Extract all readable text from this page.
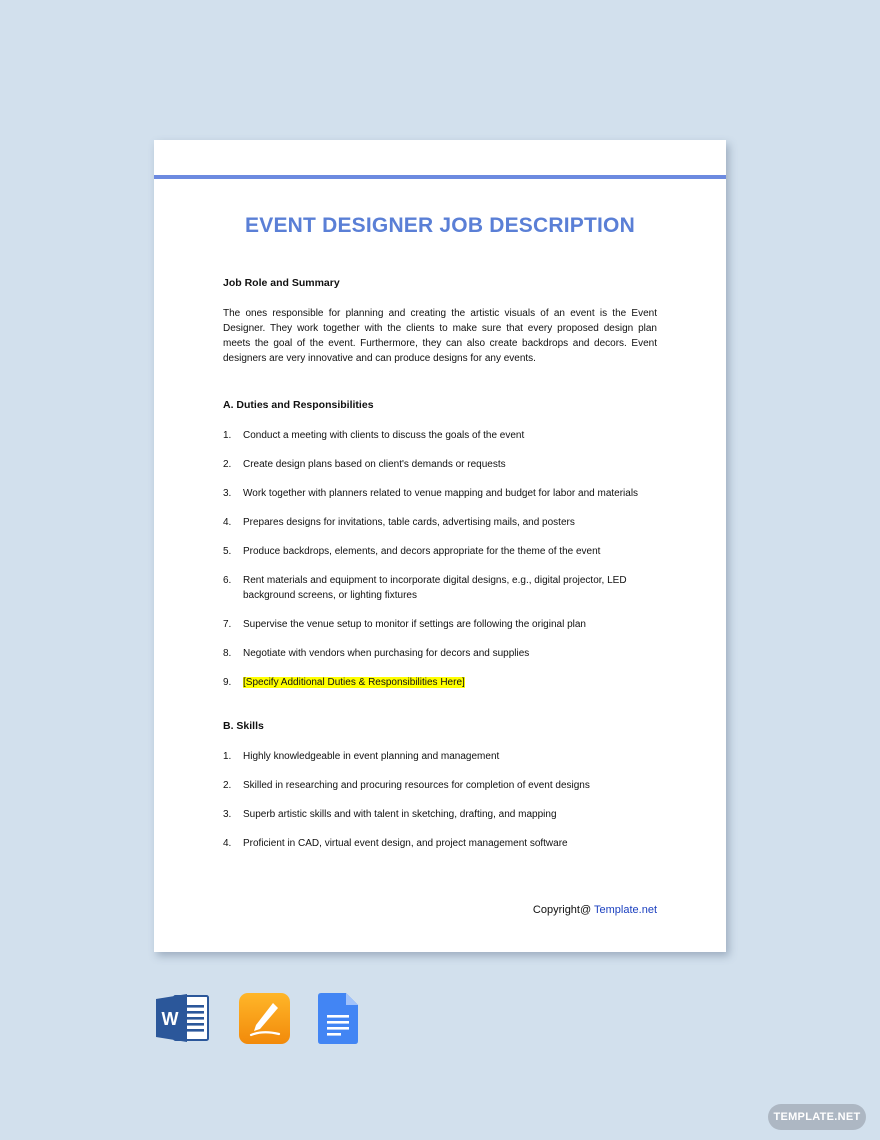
EVENT DESIGNER JOB DESCRIPTION
Job Role and Summary

The ones responsible for planning and creating the artistic visuals of an event is the Event Designer. They work together with the clients to make sure that every proposed design plan meets the goal of the event. Furthermore, they can also create backdrops and decors. Event designers are very innovative and can produce designs for any events.

A. Duties and Responsibilities
1.	Conduct a meeting with clients to discuss the goals of the event
2.	Create design plans based on client's demands or requests
3.	Work together with planners related to venue mapping and budget for labor and materials
4.	Prepares designs for invitations, table cards, advertising mails, and posters
5.	Produce backdrops, elements, and decors appropriate for the theme of the event
6.	Rent materials and equipment to incorporate digital designs, e.g., digital projector, LED background screens, or lighting fixtures
7.	Supervise the venue setup to monitor if settings are following the original plan
8.	Negotiate with vendors when purchasing for decors and supplies
9.	[Specify Additional Duties & Responsibilities Here]
B. Skills
1.	Highly knowledgeable in event planning and management
2.	Skilled in researching and procuring resources for completion of event designs
3.	Superb artistic skills and with talent in sketching, drafting, and mapping
4.	Proficient in CAD, virtual event design, and project management software
Copyright@ Template.net
W
TEMPLATE.NET
